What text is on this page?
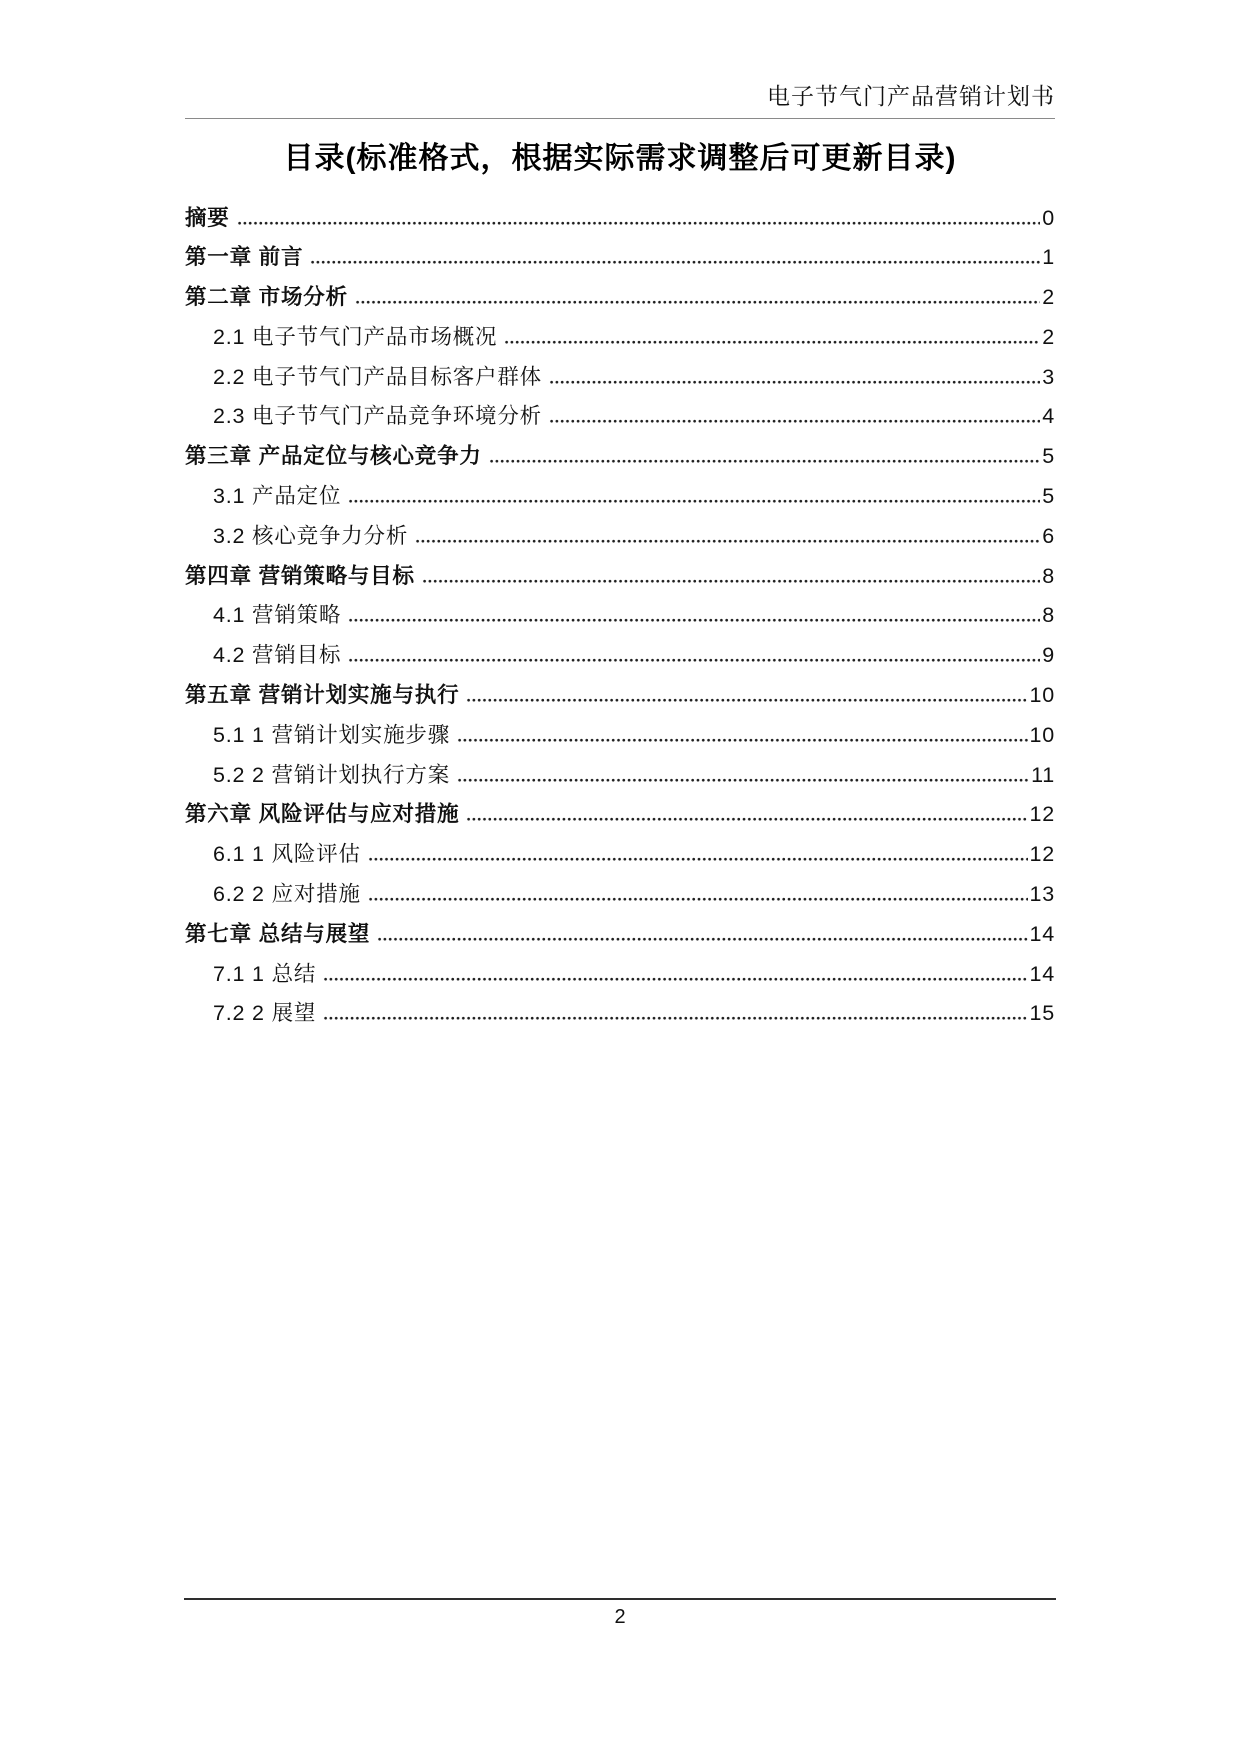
电子节气门产品营销计划书
目录(标准格式，根据实际需求调整后可更新目录)
摘要	0
第一章 前言	1
第二章 市场分析	2
2.1 电子节气门产品市场概况	2
2.2 电子节气门产品目标客户群体	3
2.3 电子节气门产品竞争环境分析	4
第三章 产品定位与核心竞争力	5
3.1 产品定位	5
3.2 核心竞争力分析	6
第四章 营销策略与目标	8
4.1 营销策略	8
4.2 营销目标	9
第五章 营销计划实施与执行	10
5.1 1 营销计划实施步骤	10
5.2 2 营销计划执行方案	11
第六章 风险评估与应对措施	12
6.1 1 风险评估	12
6.2 2 应对措施	13
第七章 总结与展望	14
7.1 1 总结	14
7.2 2 展望	15
2
